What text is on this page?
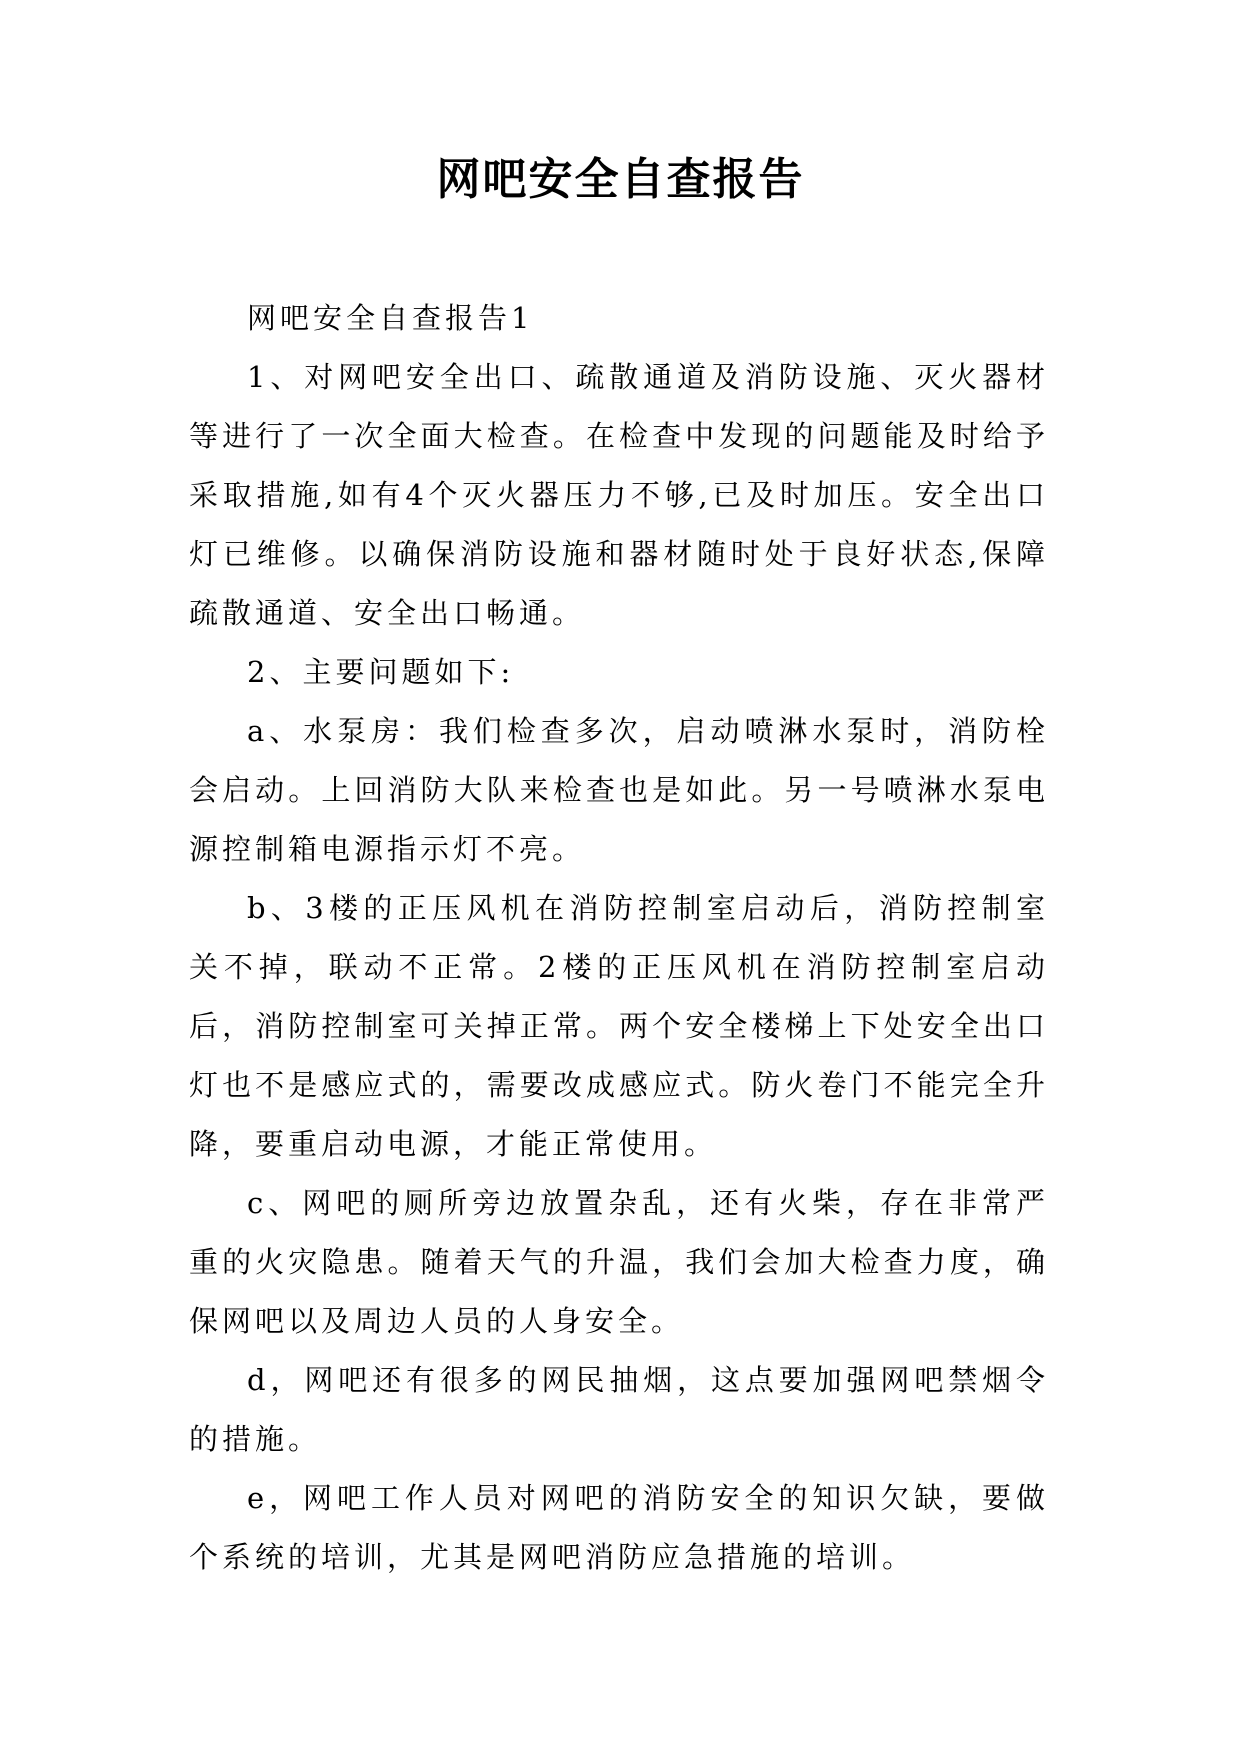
网吧安全自查报告

网吧安全自查报告1

1、对网吧安全出口、疏散通道及消防设施、灭火器材等进行了一次全面大检查。在检查中发现的问题能及时给予采取措施,如有4个灭火器压力不够,已及时加压。安全出口灯已维修。以确保消防设施和器材随时处于良好状态,保障疏散通道、安全出口畅通。

2、主要问题如下:

a、水泵房：我们检查多次，启动喷淋水泵时，消防栓会启动。上回消防大队来检查也是如此。另一号喷淋水泵电源控制箱电源指示灯不亮。

b、3楼的正压风机在消防控制室启动后，消防控制室关不掉，联动不正常。2楼的正压风机在消防控制室启动后，消防控制室可关掉正常。两个安全楼梯上下处安全出口灯也不是感应式的，需要改成感应式。防火卷门不能完全升降，要重启动电源，才能正常使用。

c、网吧的厕所旁边放置杂乱，还有火柴，存在非常严重的火灾隐患。随着天气的升温，我们会加大检查力度，确保网吧以及周边人员的人身安全。

d，网吧还有很多的网民抽烟，这点要加强网吧禁烟令的措施。

e，网吧工作人员对网吧的消防安全的知识欠缺，要做个系统的培训，尤其是网吧消防应急措施的培训。
